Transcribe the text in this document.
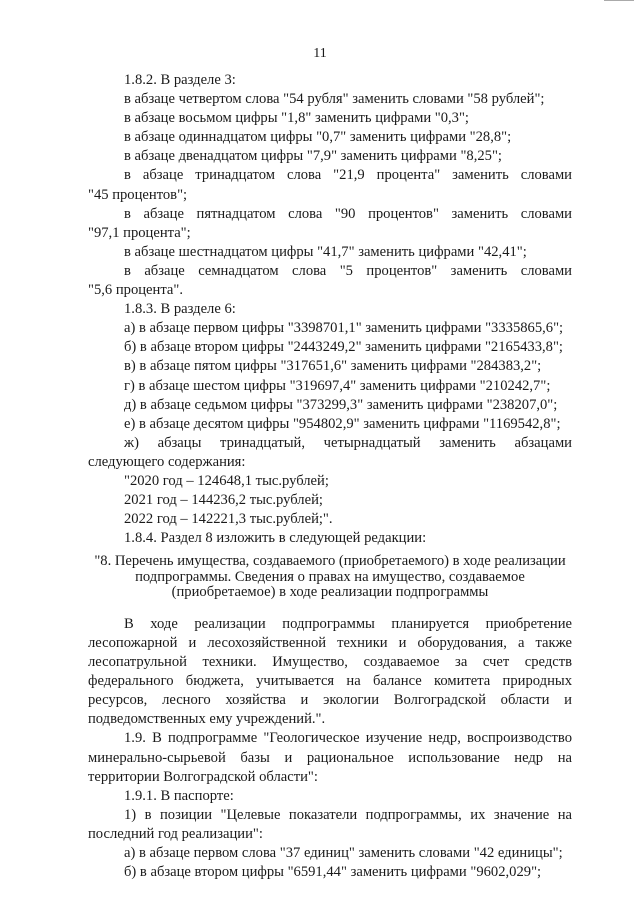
11

1.8.2. В разделе 3:

в абзаце четвертом слова "54 рубля" заменить словами "58 рублей";

в абзаце восьмом цифры "1,8" заменить цифрами "0,3";

в абзаце одиннадцатом цифры "0,7" заменить цифрами "28,8";

в абзаце двенадцатом цифры "7,9" заменить цифрами "8,25";

в абзаце тринадцатом слова "21,9 процента" заменить словами

"45 процентов";

в абзаце пятнадцатом слова "90 процентов" заменить словами

"97,1 процента";

в абзаце шестнадцатом цифры "41,7" заменить цифрами "42,41";

в абзаце семнадцатом слова "5 процентов" заменить словами

"5,6 процента".

1.8.3. В разделе 6:

а) в абзаце первом цифры "3398701,1" заменить цифрами "3335865,6";

б) в абзаце втором цифры "2443249,2" заменить цифрами "2165433,8";

в) в абзаце пятом цифры "317651,6" заменить цифрами "284383,2";

г) в абзаце шестом цифры "319697,4" заменить цифрами "210242,7";

д) в абзаце седьмом цифры "373299,3" заменить цифрами "238207,0";

е) в абзаце десятом цифры "954802,9" заменить цифрами "1169542,8";

ж) абзацы тринадцатый, четырнадцатый заменить абзацами

следующего содержания:

"2020 год – 124648,1 тыс.рублей;

2021 год – 144236,2 тыс.рублей;

2022 год – 142221,3 тыс.рублей;".

1.8.4. Раздел 8 изложить в следующей редакции:

"8. Перечень имущества, создаваемого (приобретаемого) в ходе реализации подпрограммы. Сведения о правах на имущество, создаваемое (приобретаемое) в ходе реализации подпрограммы

В ходе реализации подпрограммы планируется приобретение лесопожарной и лесохозяйственной техники и оборудования, а также лесопатрульной техники. Имущество, создаваемое за счет средств федерального бюджета, учитывается на балансе комитета природных ресурсов, лесного хозяйства и экологии Волгоградской области и подведомственных ему учреждений.".

1.9. В подпрограмме "Геологическое изучение недр, воспроизводство минерально-сырьевой базы и рациональное использование недр на территории Волгоградской области":

1.9.1. В паспорте:

1) в позиции "Целевые показатели подпрограммы, их значение на последний год реализации":

а) в абзаце первом слова "37 единиц" заменить словами "42 единицы";

б) в абзаце втором цифры "6591,44" заменить цифрами "9602,029";
